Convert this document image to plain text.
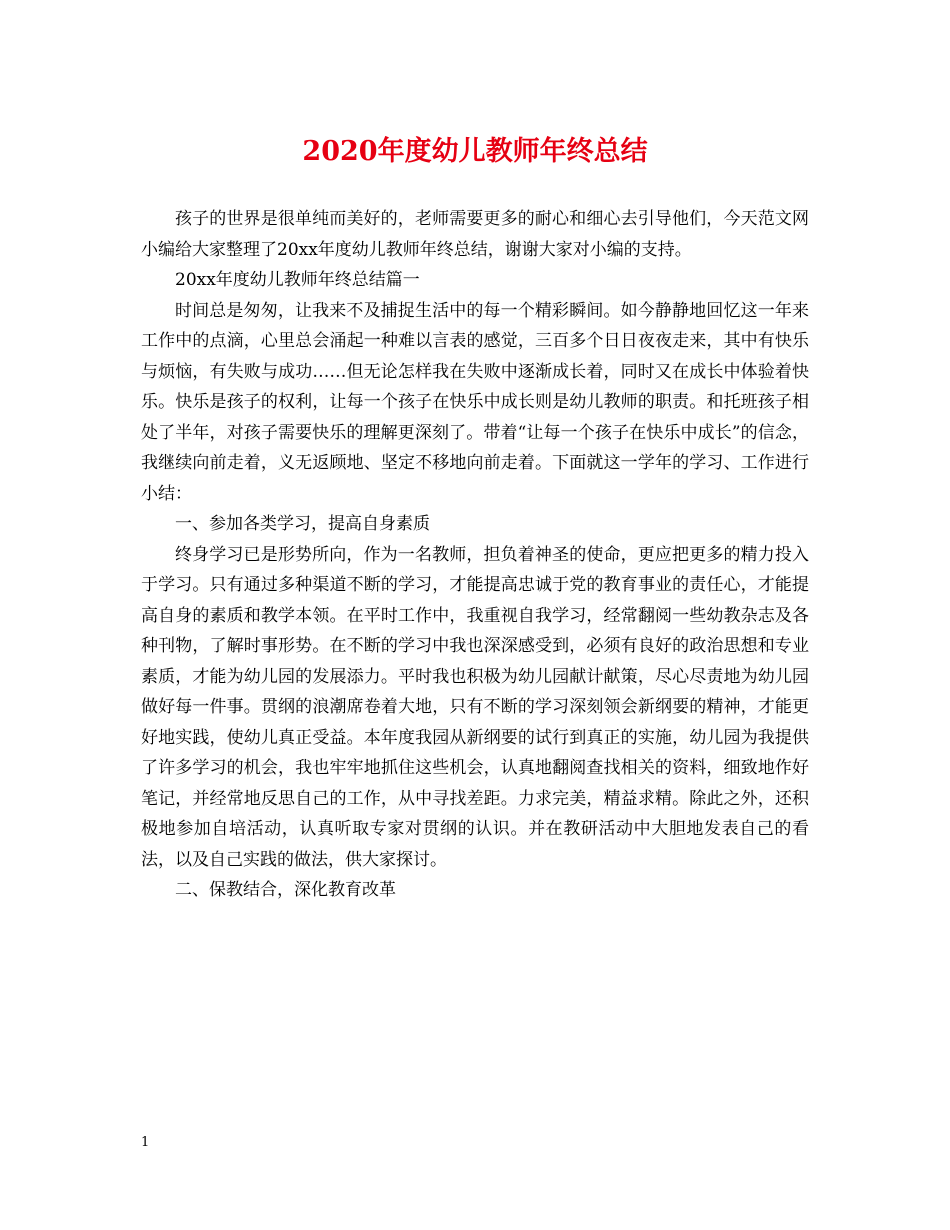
2020年度幼儿教师年终总结

孩子的世界是很单纯而美好的，老师需要更多的耐心和细心去引导他们，今天范文网小编给大家整理了20xx年度幼儿教师年终总结，谢谢大家对小编的支持。

20xx年度幼儿教师年终总结篇一

时间总是匆匆，让我来不及捕捉生活中的每一个精彩瞬间。如今静静地回忆这一年来工作中的点滴，心里总会涌起一种难以言表的感觉，三百多个日日夜夜走来，其中有快乐与烦恼，有失败与成功……但无论怎样我在失败中逐渐成长着，同时又在成长中体验着快乐。快乐是孩子的权利，让每一个孩子在快乐中成长则是幼儿教师的职责。和托班孩子相处了半年，对孩子需要快乐的理解更深刻了。带着“让每一个孩子在快乐中成长”的信念，我继续向前走着，义无返顾地、坚定不移地向前走着。下面就这一学年的学习、工作进行小结：

一、参加各类学习，提高自身素质

终身学习已是形势所向，作为一名教师，担负着神圣的使命，更应把更多的精力投入于学习。只有通过多种渠道不断的学习，才能提高忠诚于党的教育事业的责任心，才能提高自身的素质和教学本领。在平时工作中，我重视自我学习，经常翻阅一些幼教杂志及各种刊物，了解时事形势。在不断的学习中我也深深感受到，必须有良好的政治思想和专业素质，才能为幼儿园的发展添力。平时我也积极为幼儿园献计献策，尽心尽责地为幼儿园做好每一件事。贯纲的浪潮席卷着大地，只有不断的学习深刻领会新纲要的精神，才能更好地实践，使幼儿真正受益。本年度我园从新纲要的试行到真正的实施，幼儿园为我提供了许多学习的机会，我也牢牢地抓住这些机会，认真地翻阅查找相关的资料，细致地作好笔记，并经常地反思自己的工作，从中寻找差距。力求完美，精益求精。除此之外，还积极地参加自培活动，认真听取专家对贯纲的认识。并在教研活动中大胆地发表自己的看法，以及自己实践的做法，供大家探讨。

二、保教结合，深化教育改革

1
